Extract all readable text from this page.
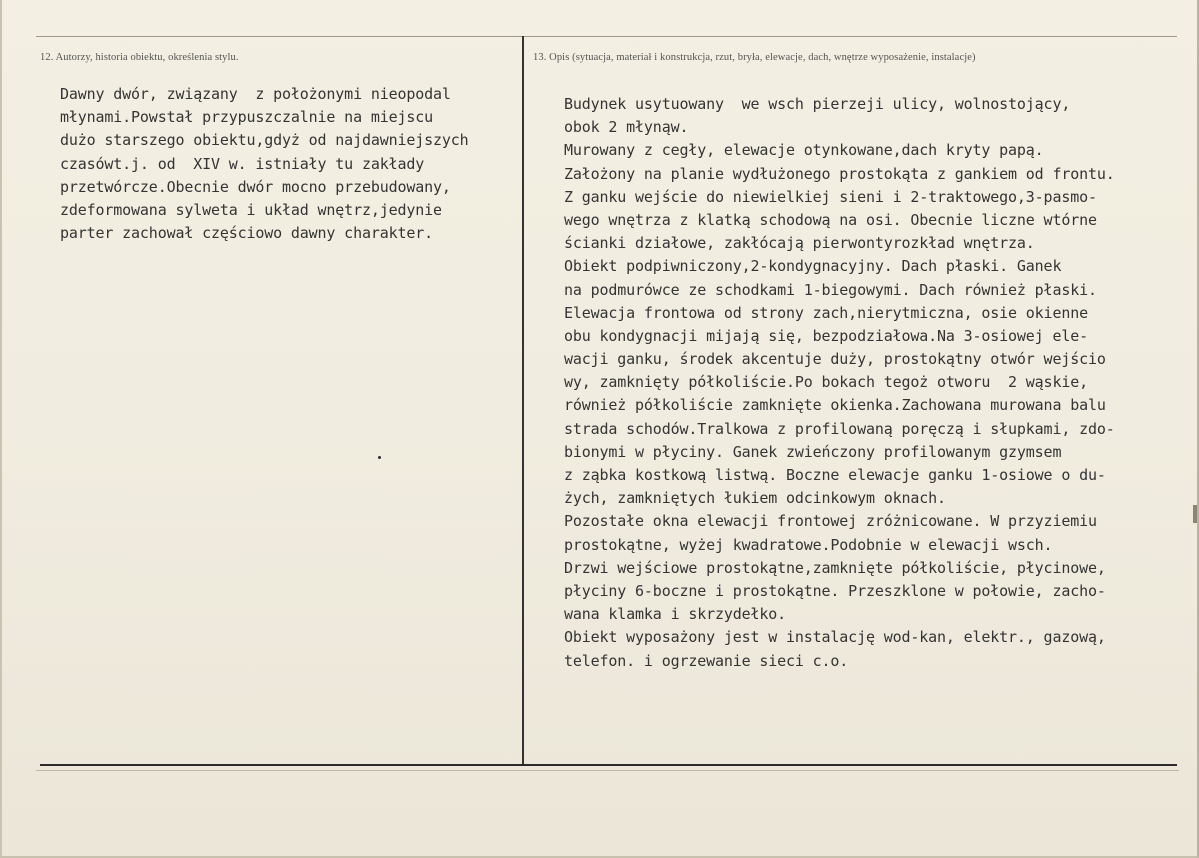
12. Autorzy, historia obiektu, określenia stylu.	13. Opis (sytuacja, materiał i konstrukcja, rzut, bryła, elewacje, dach, wnętrze wyposażenie, instalacje)
Dawny dwór, związany  z położonymi nieopodal
młynami.Powstał przypuszczalnie na miejscu
dużo starszego obiektu,gdyż od najdawniejszych
czasówt.j. od  XIV w. istniały tu zakłady
przetwórcze.Obecnie dwór mocno przebudowany,
zdeformowana sylweta i układ wnętrz,jedynie
parter zachował częściowo dawny charakter.
Budynek usytuowany  we wsch pierzeji ulicy, wolnostojący,
obok 2 młynąw.
Murowany z cegły, elewacje otynkowane,dach kryty papą.
Założony na planie wydłużonego prostokąta z gankiem od frontu.
Z ganku wejście do niewielkiej sieni i 2-traktowego,3-pasmo-
wego wnętrza z klatką schodową na osi. Obecnie liczne wtórne
ścianki działowe, zakłócają pierwontyrozkład wnętrza.
Obiekt podpiwniczony,2-kondygnacyjny. Dach płaski. Ganek
na podmurówce ze schodkami 1-biegowymi. Dach również płaski.
Elewacja frontowa od strony zach,nierytmiczna, osie okienne
obu kondygnacji mijają się, bezpodziałowa.Na 3-osiowej ele-
wacji ganku, środek akcentuje duży, prostokątny otwór wejścio
wy, zamknięty półkoliście.Po bokach tegoż otworu  2 wąskie,
również półkoliście zamknięte okienka.Zachowana murowana balu
strada schodów.Tralkowa z profilowaną poręczą i słupkami, zdo-
bionymi w płyciny. Ganek zwieńczony profilowanym gzymsem
z ząbka kostkową listwą. Boczne elewacje ganku 1-osiowe o du-
żych, zamkniętych łukiem odcinkowym oknach.
Pozostałe okna elewacji frontowej zróżnicowane. W przyziemiu
prostokątne, wyżej kwadratowe.Podobnie w elewacji wsch.
Drzwi wejściowe prostokątne,zamknięte półkoliście, płycinowe,
płyciny 6-boczne i prostokątne. Przeszklone w połowie, zacho-
wana klamka i skrzydełko.
Obiekt wyposażony jest w instalację wod-kan, elektr., gazową,
telefon. i ogrzewanie sieci c.o.
